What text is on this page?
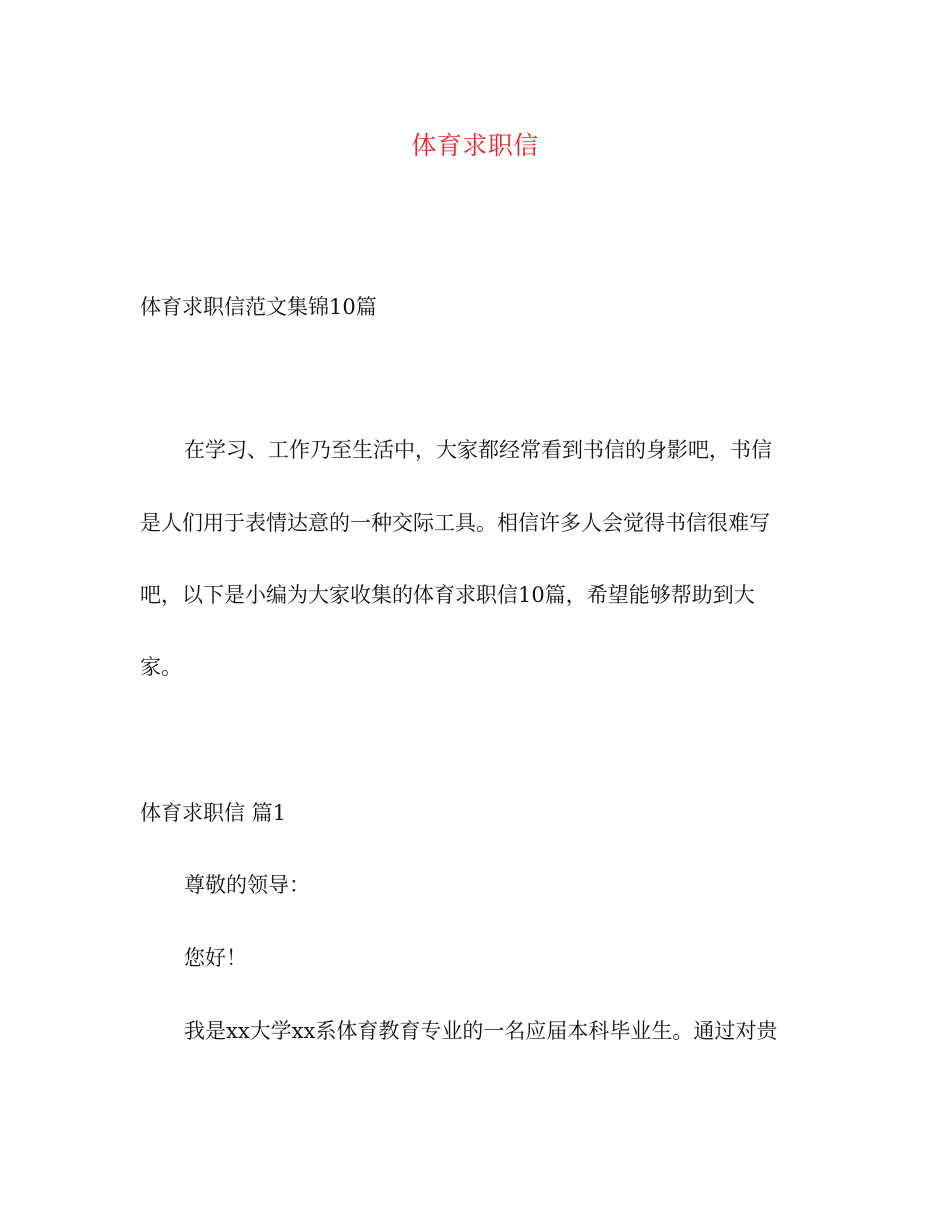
体育求职信
体育求职信范文集锦10篇
在学习、工作乃至生活中，大家都经常看到书信的身影吧，书信
是人们用于表情达意的一种交际工具。相信许多人会觉得书信很难写
吧，以下是小编为大家收集的体育求职信10篇，希望能够帮助到大
家。
体育求职信 篇1
尊敬的领导：
您好！
我是xx大学xx系体育教育专业的一名应届本科毕业生。通过对贵
